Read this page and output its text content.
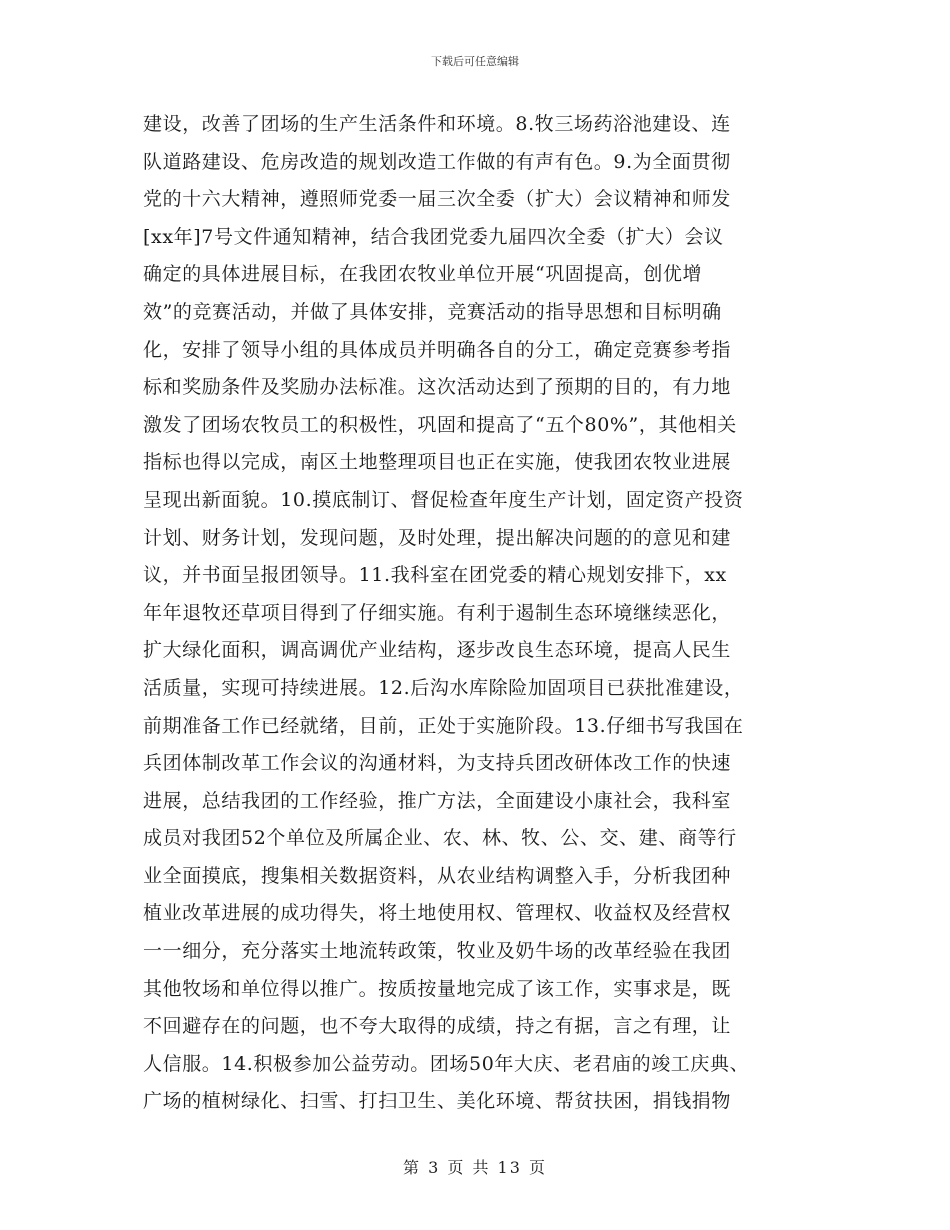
下载后可任意编辑
建设，改善了团场的生产生活条件和环境。8.牧三场药浴池建设、连
队道路建设、危房改造的规划改造工作做的有声有色。9.为全面贯彻
党的十六大精神，遵照师党委一届三次全委（扩大）会议精神和师发
[xx年]7号文件通知精神，结合我团党委九届四次全委（扩大）会议
确定的具体进展目标，在我团农牧业单位开展“巩固提高，创优增
效”的竞赛活动，并做了具体安排，竞赛活动的指导思想和目标明确
化，安排了领导小组的具体成员并明确各自的分工，确定竞赛参考指
标和奖励条件及奖励办法标准。这次活动达到了预期的目的，有力地
激发了团场农牧员工的积极性，巩固和提高了“五个80%”，其他相关
指标也得以完成，南区土地整理项目也正在实施，使我团农牧业进展
呈现出新面貌。10.摸底制订、督促检查年度生产计划，固定资产投资
计划、财务计划，发现问题，及时处理，提出解决问题的的意见和建
议，并书面呈报团领导。11.我科室在团党委的精心规划安排下，xx
年年退牧还草项目得到了仔细实施。有利于遏制生态环境继续恶化，
扩大绿化面积，调高调优产业结构，逐步改良生态环境，提高人民生
活质量，实现可持续进展。12.后沟水库除险加固项目已获批准建设，
前期准备工作已经就绪，目前，正处于实施阶段。13.仔细书写我国在
兵团体制改革工作会议的沟通材料，为支持兵团改研体改工作的快速
进展，总结我团的工作经验，推广方法，全面建设小康社会，我科室
成员对我团52个单位及所属企业、农、林、牧、公、交、建、商等行
业全面摸底，搜集相关数据资料，从农业结构调整入手，分析我团种
植业改革进展的成功得失，将土地使用权、管理权、收益权及经营权
一一细分，充分落实土地流转政策，牧业及奶牛场的改革经验在我团
其他牧场和单位得以推广。按质按量地完成了该工作，实事求是，既
不回避存在的问题，也不夸大取得的成绩，持之有据，言之有理，让
人信服。14.积极参加公益劳动。团场50年大庆、老君庙的竣工庆典、
广场的植树绿化、扫雪、打扫卫生、美化环境、帮贫扶困，捐钱捐物
第 3 页 共 13 页
